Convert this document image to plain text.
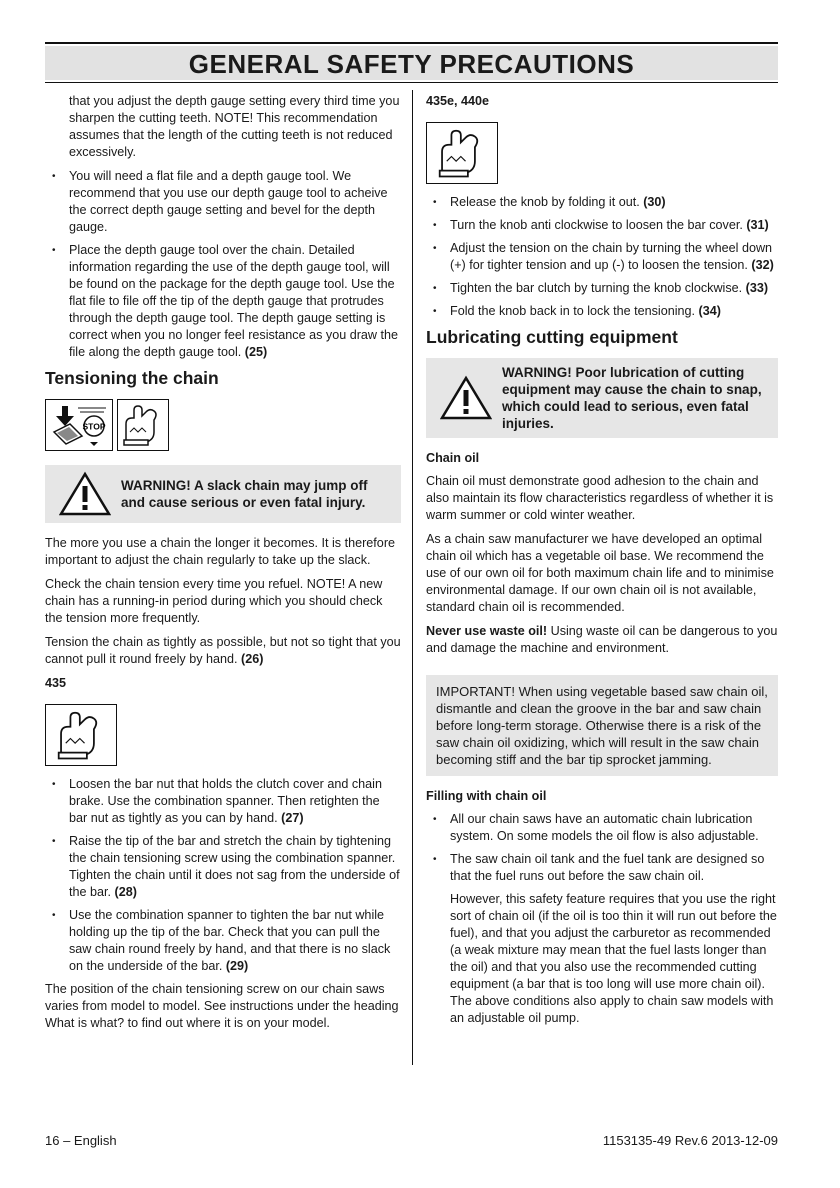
GENERAL SAFETY PRECAUTIONS

that you adjust the depth gauge setting every third time you sharpen the cutting teeth. NOTE! This recommendation assumes that the length of the cutting teeth is not reduced excessively.

• You will need a flat file and a depth gauge tool. We recommend that you use our depth gauge tool to acheive the correct depth gauge setting and bevel for the depth gauge.
• Place the depth gauge tool over the chain. Detailed information regarding the use of the depth gauge tool, will be found on the package for the depth gauge tool. Use the flat file to file off the tip of the depth gauge that protrudes through the depth gauge tool. The depth gauge setting is correct when you no longer feel resistance as you draw the file along the depth gauge tool. (25)
Tensioning the chain
STOP
WARNING! A slack chain may jump off and cause serious or even fatal injury.

The more you use a chain the longer it becomes. It is therefore important to adjust the chain regularly to take up the slack.

Check the chain tension every time you refuel. NOTE! A new chain has a running-in period during which you should check the tension more frequently.

Tension the chain as tightly as possible, but not so tight that you cannot pull it round freely by hand. (26)

435
• Loosen the bar nut that holds the clutch cover and chain brake. Use the combination spanner. Then retighten the bar nut as tightly as you can by hand. (27)
• Raise the tip of the bar and stretch the chain by tightening the chain tensioning screw using the combination spanner. Tighten the chain until it does not sag from the underside of the bar. (28)
• Use the combination spanner to tighten the bar nut while holding up the tip of the bar. Check that you can pull the saw chain round freely by hand, and that there is no slack on the underside of the bar. (29)

The position of the chain tensioning screw on our chain saws varies from model to model. See instructions under the heading What is what? to find out where it is on your model.

435e, 440e
• Release the knob by folding it out. (30)
• Turn the knob anti clockwise to loosen the bar cover. (31)
• Adjust the tension on the chain by turning the wheel down (+) for tighter tension and up (-) to loosen the tension. (32)
• Tighten the bar clutch by turning the knob clockwise. (33)
• Fold the knob back in to lock the tensioning. (34)
Lubricating cutting equipment
WARNING! Poor lubrication of cutting equipment may cause the chain to snap, which could lead to serious, even fatal injuries.
Chain oil

Chain oil must demonstrate good adhesion to the chain and also maintain its flow characteristics regardless of whether it is warm summer or cold winter weather.

As a chain saw manufacturer we have developed an optimal chain oil which has a vegetable oil base. We recommend the use of our own oil for both maximum chain life and to minimise environmental damage. If our own chain oil is not available, standard chain oil is recommended.

Never use waste oil! Using waste oil can be dangerous to you and damage the machine and environment.

IMPORTANT! When using vegetable based saw chain oil, dismantle and clean the groove in the bar and saw chain before long-term storage. Otherwise there is a risk of the saw chain oil oxidizing, which will result in the saw chain becoming stiff and the bar tip sprocket jamming.
Filling with chain oil
• All our chain saws have an automatic chain lubrication system. On some models the oil flow is also adjustable.
• The saw chain oil tank and the fuel tank are designed so that the fuel runs out before the saw chain oil.

However, this safety feature requires that you use the right sort of chain oil (if the oil is too thin it will run out before the fuel), and that you adjust the carburetor as recommended (a weak mixture may mean that the fuel lasts longer than the oil) and that you also use the recommended cutting equipment (a bar that is too long will use more chain oil). The above conditions also apply to chain saw models with an adjustable oil pump.

16 – English	1153135-49 Rev.6 2013-12-09
